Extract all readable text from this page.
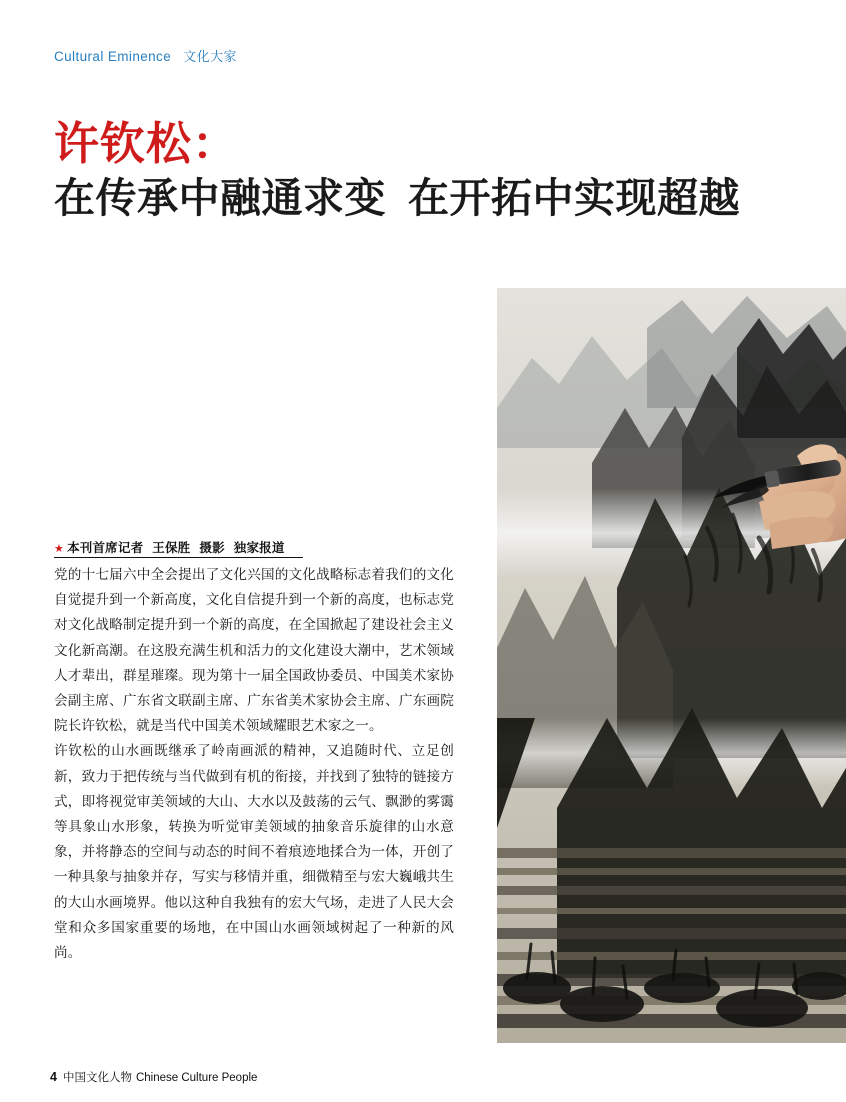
Cultural Eminence 文化大家
许钦松：
在传承中融通求变 在开拓中实现超越
★ 本刊首席记者 王保胜 摄影 独家报道

党的十七届六中全会提出了文化兴国的文化战略标志着我们的文化自觉提升到一个新高度，文化自信提升到一个新的高度，也标志党对文化战略制定提升到一个新的高度，在全国掀起了建设社会主义文化新高潮。在这股充满生机和活力的文化建设大潮中，艺术领域人才辈出，群星璀璨。现为第十一届全国政协委员、中国美术家协会副主席、广东省文联副主席、广东省美术家协会主席、广东画院院长许钦松，就是当代中国美术领域耀眼艺术家之一。

许钦松的山水画既继承了岭南画派的精神，又追随时代、立足创新，致力于把传统与当代做到有机的衔接，并找到了独特的链接方式，即将视觉审美领域的大山、大水以及鼓荡的云气、飘渺的雾霭等具象山水形象，转换为听觉审美领域的抽象音乐旋律的山水意象，并将静态的空间与动态的时间不着痕迹地揉合为一体，开创了一种具象与抽象并存，写实与移情并重，细微精至与宏大巍峨共生的大山水画境界。他以这种自我独有的宏大气场，走进了人民大会堂和众多国家重要的场地，在中国山水画领域树起了一种新的风尚。

4 中国文化人物 Chinese Culture People
